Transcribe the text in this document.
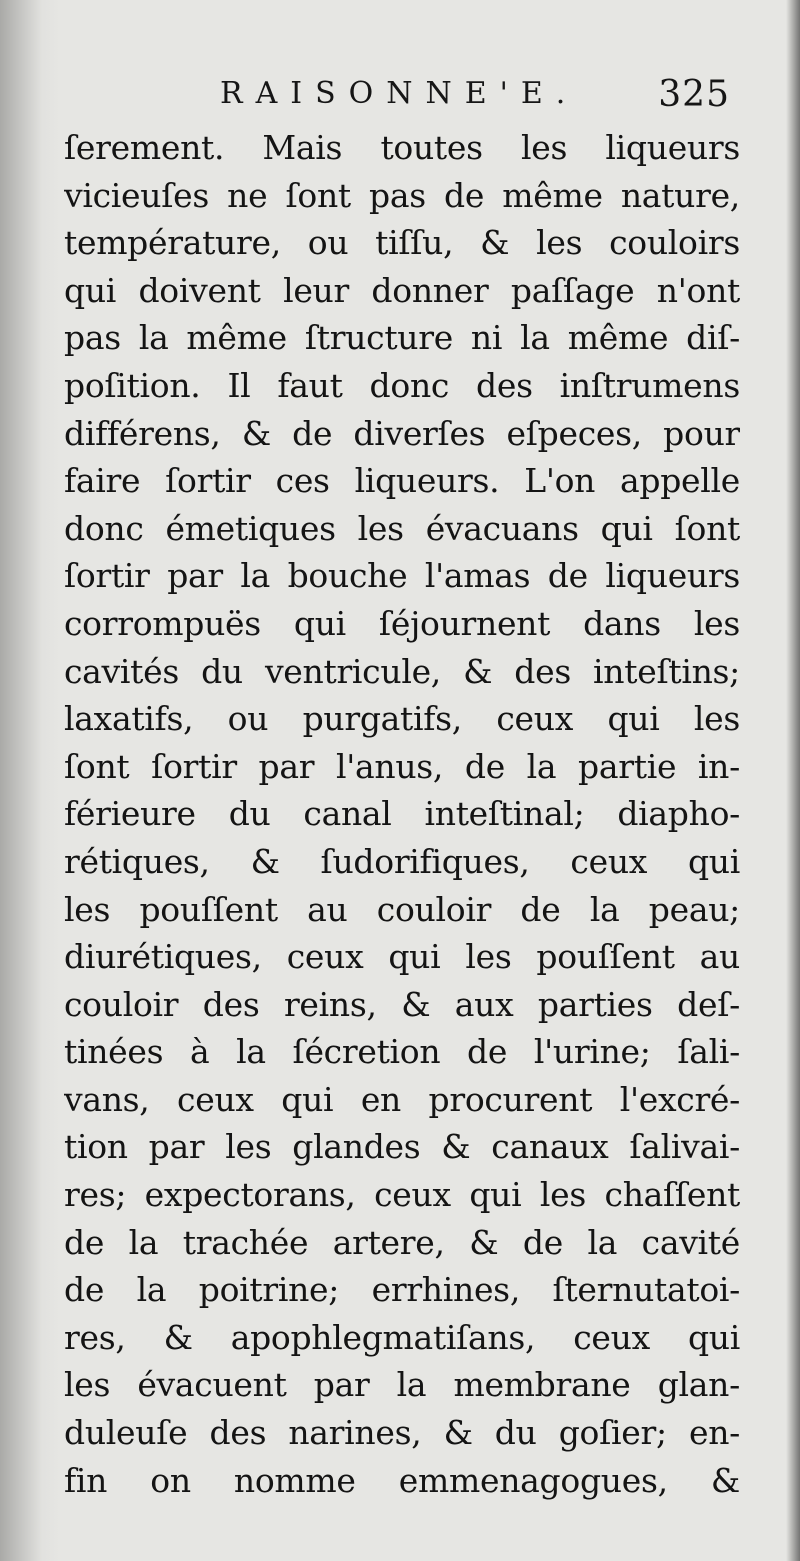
RAISONNE'E. 325
ſerement. Mais toutes les liqueurs
vicieuſes ne ſont pas de même nature,
température, ou tiſſu, & les couloirs
qui doivent leur donner paſſage n'ont
pas la même ſtructure ni la même diſ-
poſition. Il faut donc des inſtrumens
différens, & de diverſes eſpeces, pour
faire ſortir ces liqueurs. L'on appelle
donc émetiques les évacuans qui ſont
ſortir par la bouche l'amas de liqueurs
corrompuës qui ſéjournent dans les
cavités du ventricule, & des inteſtins;
laxatifs, ou purgatifs, ceux qui les
ſont ſortir par l'anus, de la partie in-
férieure du canal inteſtinal; diapho-
rétiques, & ſudorifiques, ceux qui
les pouſſent au couloir de la peau;
diurétiques, ceux qui les pouſſent au
couloir des reins, & aux parties deſ-
tinées à la ſécretion de l'urine; ſali-
vans, ceux qui en procurent l'excré-
tion par les glandes & canaux ſalivai-
res; expectorans, ceux qui les chaſſent
de la trachée artere, & de la cavité
de la poitrine; errhines, ſternutatoi-
res, & apophlegmatiſans, ceux qui
les évacuent par la membrane glan-
duleuſe des narines, & du goſier; en-
fin on nomme emmenagogues, &
